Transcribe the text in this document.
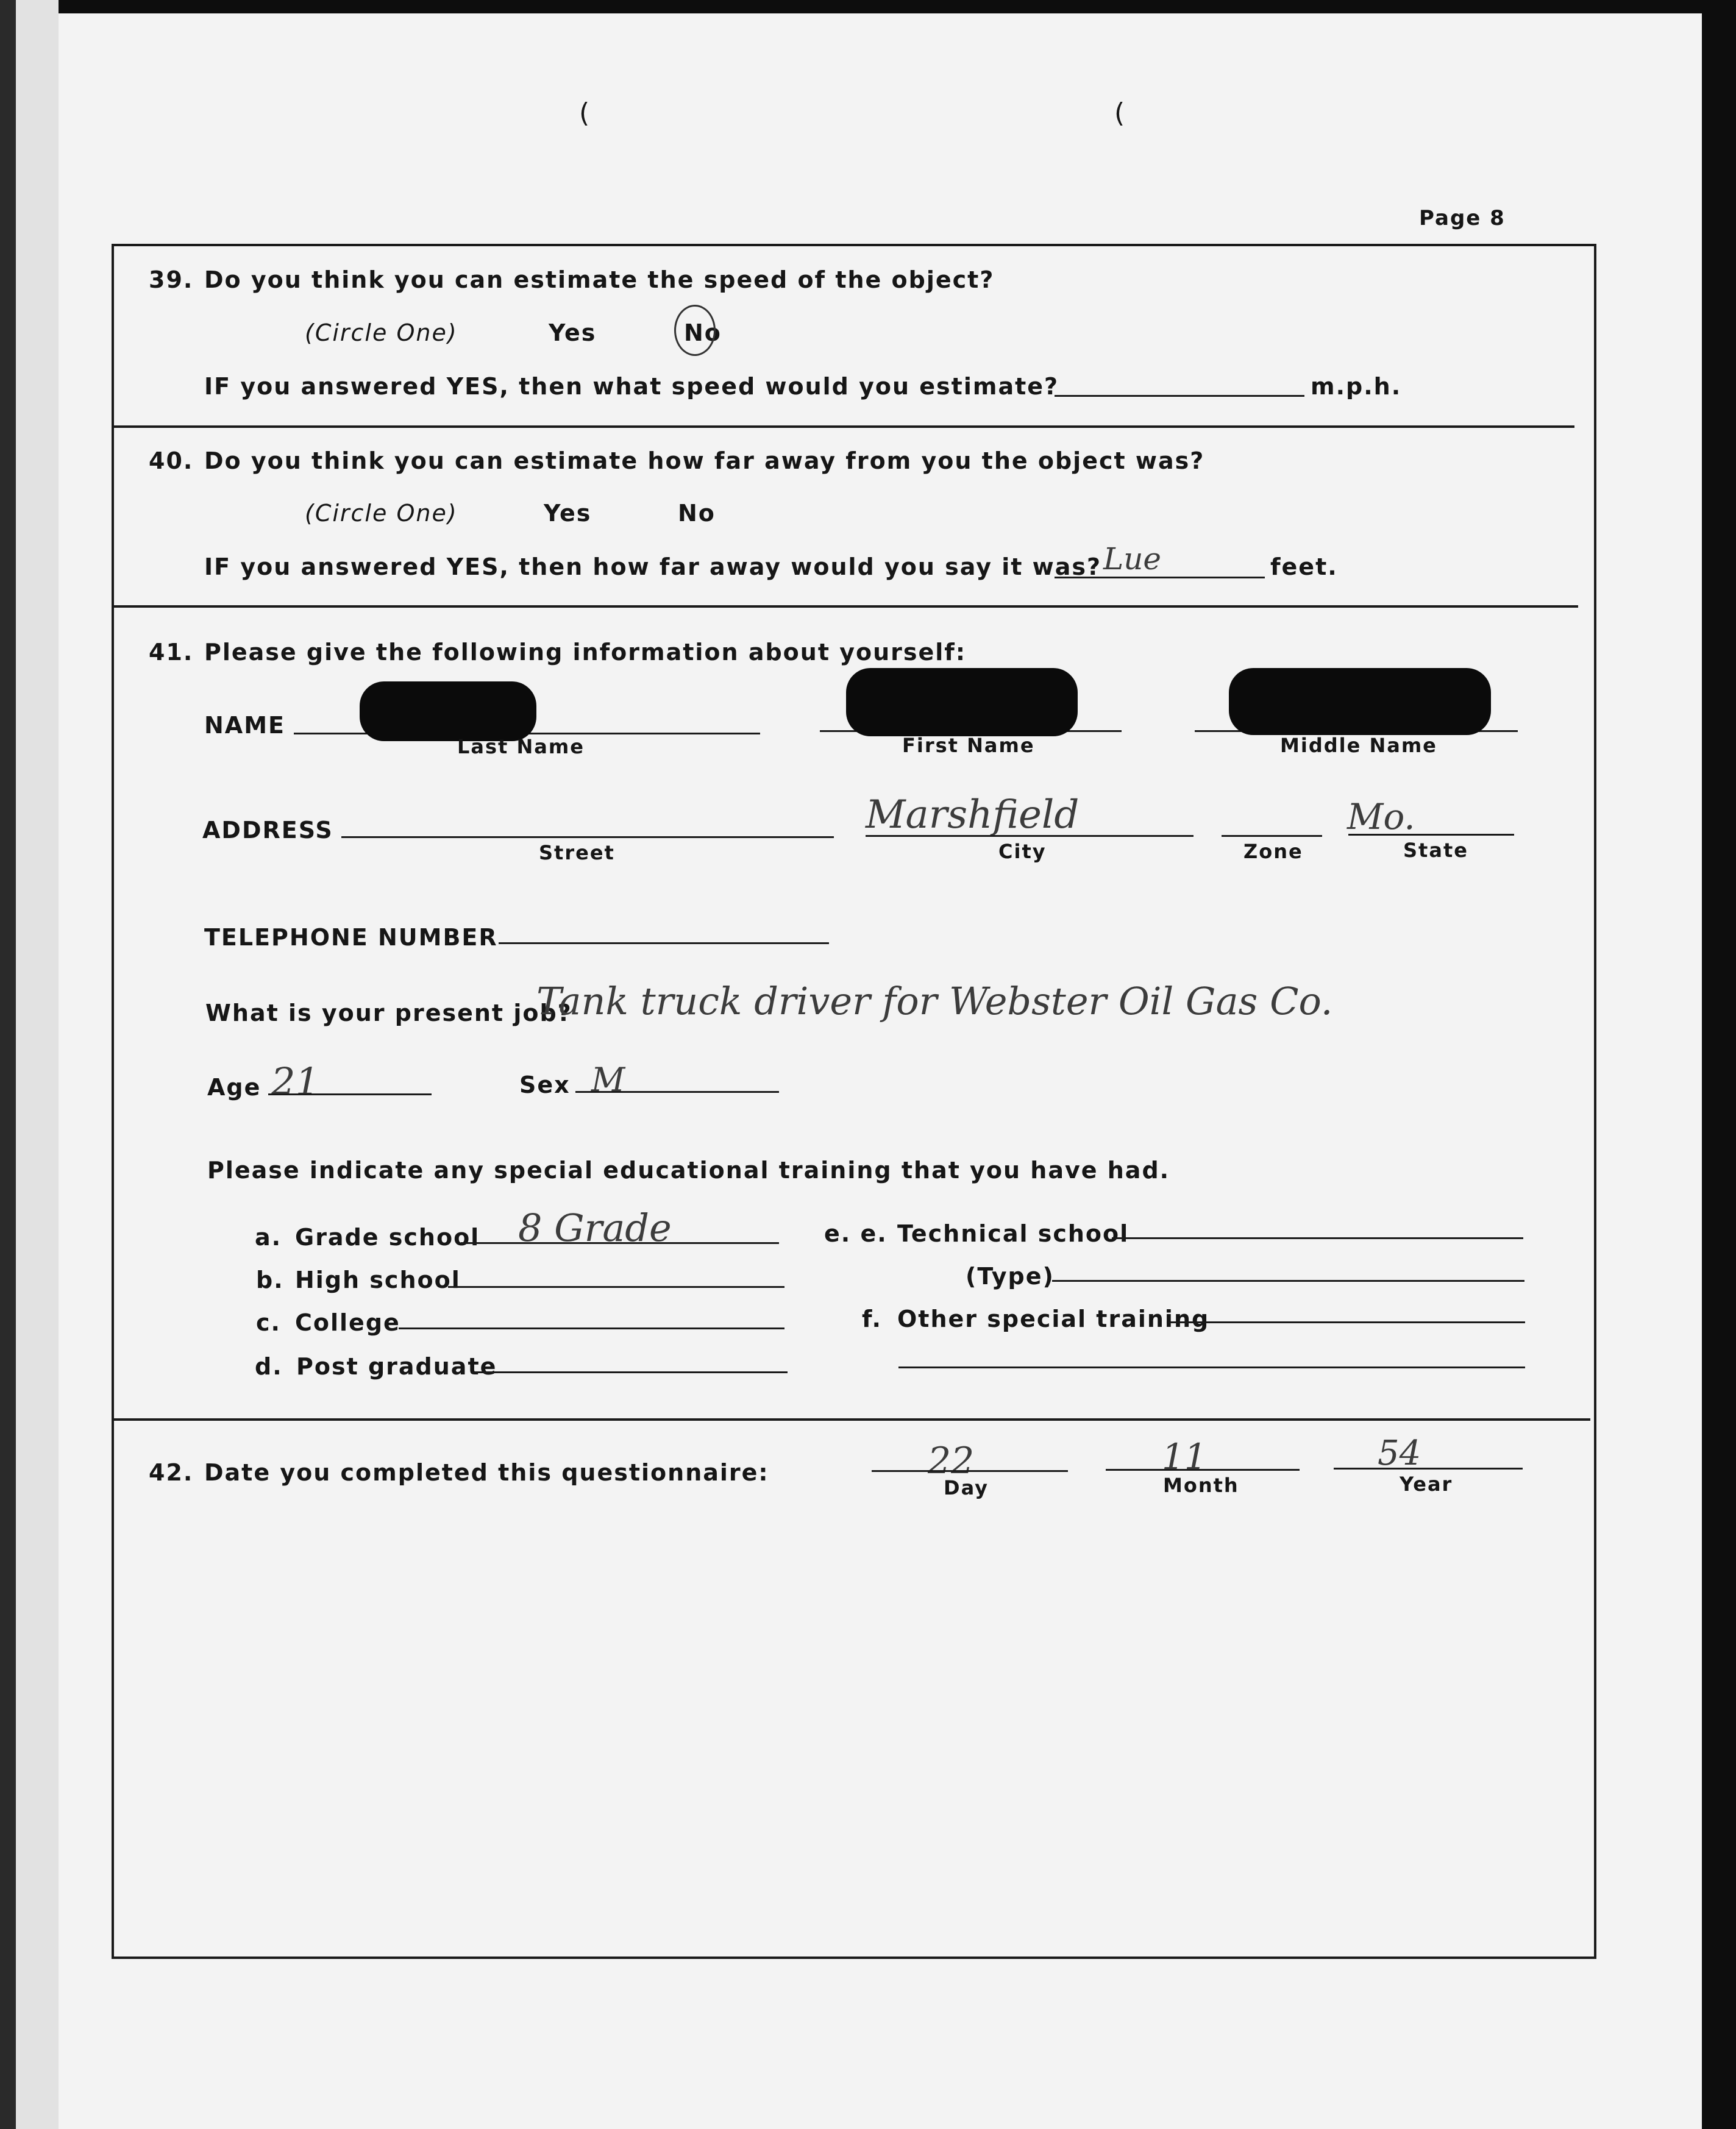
(	(
Page 8
39. Do you think you can estimate the speed of the object?
(Circle One)	Yes	No
IF you answered YES, then what speed would you estimate?	m.p.h.
40. Do you think you can estimate how far away from you the object was?
(Circle One)	Yes	No
IF you answered YES, then how far away would you say it was? Lue	feet.
41. Please give the following information about yourself:
NAME
Last Name	First Name	Middle Name
ADDRESS
Street
Marshfield
City	Zone
Mo.
State
TELEPHONE NUMBER
What is your present job?
Tank truck driver for Webster Oil Gas Co.
Age 21	Sex M
Please indicate any special educational training that you have had.
a. Grade school 8 Grade
b. High school
c. College
d. Post graduate
e. e. Technical school
(Type)
f. Other special training
42. Date you completed this questionnaire:	22
Day
11
Month
54
Year
